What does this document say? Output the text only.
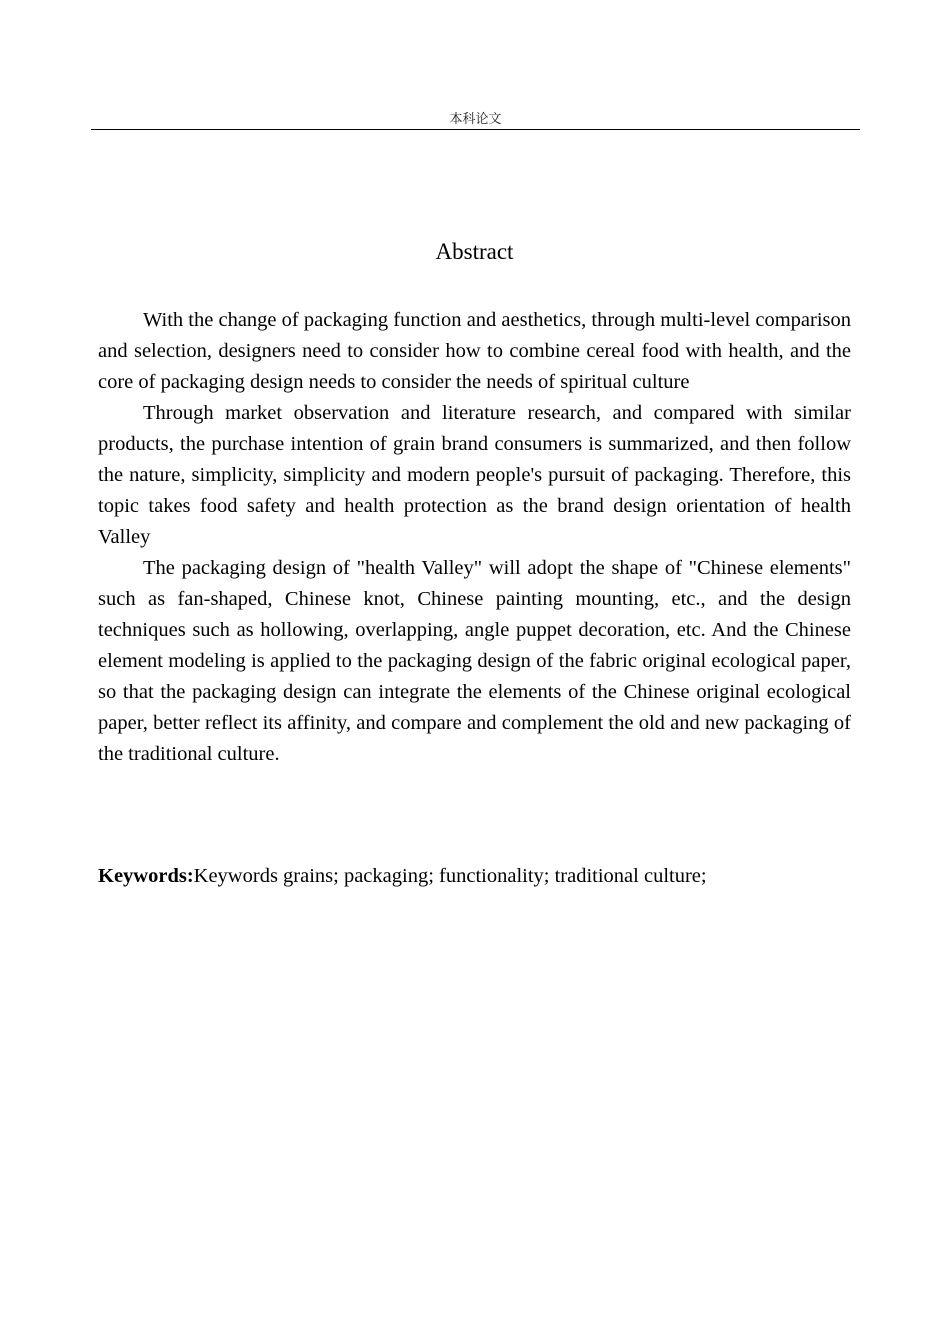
本科论文
Abstract

With the change of packaging function and aesthetics, through multi-level comparison and selection, designers need to consider how to combine cereal food with health, and the core of packaging design needs to consider the needs of spiritual culture

Through market observation and literature research, and compared with similar products, the purchase intention of grain brand consumers is summarized, and then follow the nature, simplicity, simplicity and modern people's pursuit of packaging. Therefore, this topic takes food safety and health protection as the brand design orientation of health Valley

The packaging design of "health Valley" will adopt the shape of "Chinese elements" such as fan-shaped, Chinese knot, Chinese painting mounting, etc., and the design techniques such as hollowing, overlapping, angle puppet decoration, etc. And the Chinese element modeling is applied to the packaging design of the fabric original ecological paper, so that the packaging design can integrate the elements of the Chinese original ecological paper, better reflect its affinity, and compare and complement the old and new packaging of the traditional culture.

Keywords:Keywords grains; packaging; functionality; traditional culture;
